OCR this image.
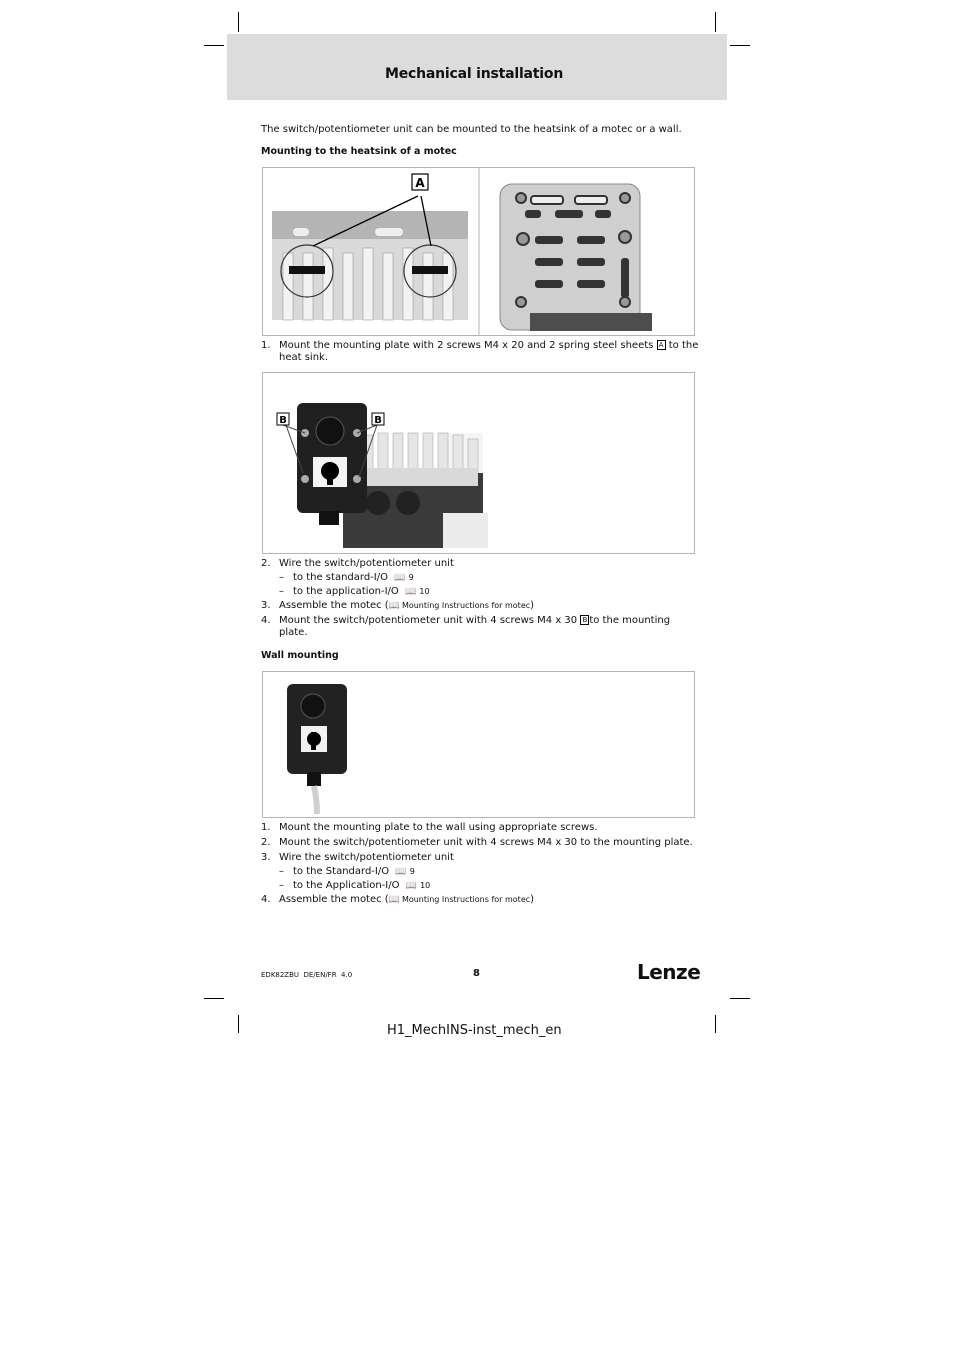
Mechanical installation
The switch/potentiometer unit can be mounted to the heatsink of a motec or a wall.
Mounting to the heatsink of a motec
A
1. Mount the mounting plate with 2 screws M4 x 20 and 2 spring steel sheets A to the
heat sink.
B	B
2. Wire the switch/potentiometer unit
– to the standard-I/O 📖 9
– to the application-I/O 📖 10
3. Assemble the motec (📖 Mounting Instructions for motec)
4. Mount the switch/potentiometer unit with 4 screws M4 x 30 B to the mounting
plate.
Wall mounting
1. Mount the mounting plate to the wall using appropriate screws.
2. Mount the switch/potentiometer unit with 4 screws M4 x 30 to the mounting plate.
3. Wire the switch/potentiometer unit
– to the Standard-I/O 📖 9
– to the Application-I/O 📖 10
4. Assemble the motec (📖 Mounting Instructions for motec)
EDK82ZBU  DE/EN/FR  4.0	8	Lenze
H1_MechINS-inst_mech_en
